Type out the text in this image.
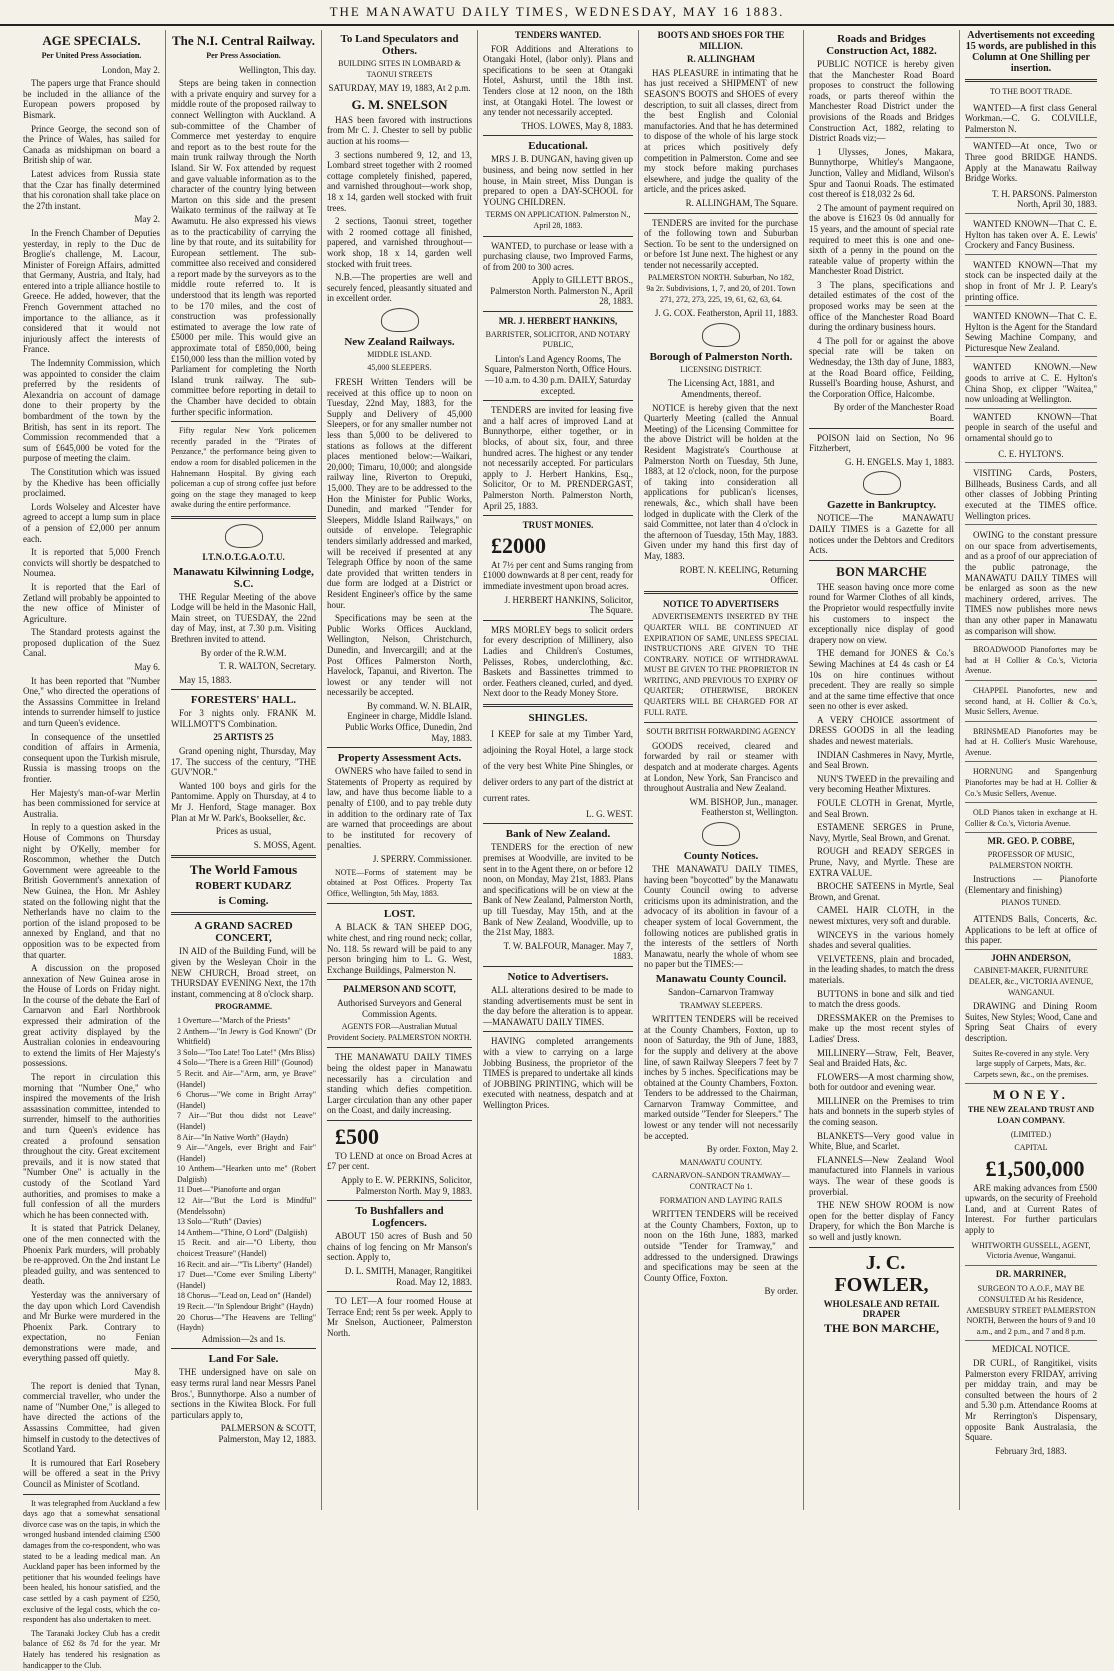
THE MANAWATU DAILY TIMES, WEDNESDAY, MAY 16 1883.
AGE SPECIALS.

Per United Press Association.

London, May 2.

The papers urge that France should be included in the alliance of the European powers proposed by Bismark.

Prince George, the second son of the Prince of Wales, has sailed for Canada as midshipman on board a British ship of war.

Latest advices from Russia state that the Czar has finally determined that his coronation shall take place on the 27th instant.

May 2.

In the French Chamber of Deputies yesterday, in reply to the Duc de Broglie's challenge, M. Lacour, Minister of Foreign Affairs, admitted that Germany, Austria, and Italy, had entered into a triple alliance hostile to Greece. He added, however, that the French Government attached no importance to the alliance, as it considered that it would not injuriously affect the interests of France.

The Indemnity Commission, which was appointed to consider the claim preferred by the residents of Alexandria on account of damage done to their property by the bombardment of the town by the British, has sent in its report. The Commission recommended that a sum of £645,000 be voted for the purpose of meeting the claim.

The Constitution which was issued by the Khedive has been officially proclaimed.

Lords Wolseley and Alcester have agreed to accept a lump sum in place of a pension of £2,000 per annum each.

It is reported that 5,000 French convicts will shortly be despatched to Noumea.

It is reported that the Earl of Zetland will probably be appointed to the new office of Minister of Agriculture.

The Standard protests against the proposed duplication of the Suez Canal.

May 6.

It has been reported that "Number One," who directed the operations of the Assassins Committee in Ireland intends to surrender himself to justice and turn Queen's evidence.

In consequence of the unsettled condition of affairs in Armenia, consequent upon the Turkish misrule, Russia is massing troops on the frontier.

Her Majesty's man-of-war Merlin has been commissioned for service at Australia.

In reply to a question asked in the House of Commons on Thursday night by O'Kelly, member for Roscommon, whether the Dutch Government were agreeable to the British Government's annexation of New Guinea, the Hon. Mr Ashley stated on the following night that the Netherlands have no claim to the portion of the island proposed to be annexed by England, and that no opposition was to be expected from that quarter.

A discussion on the proposed annexation of New Guinea arose in the House of Lords on Friday night. In the course of the debate the Earl of Carnarvon and Earl Northbrook expressed their admiration of the great activity displayed by the Australian colonies in endeavouring to extend the limits of Her Majesty's possessions.

The report in circulation this morning that "Number One," who inspired the movements of the Irish assassination committee, intended to surrender, himself to the authorities and turn Queen's evidence has created a profound sensation throughout the city. Great excitement prevails, and it is now stated that "Number One" is actually in the custody of the Scotland Yard authorities, and promises to make a full confession of all the murders which he has been connected with.

It is stated that Patrick Delaney, one of the men connected with the Phoenix Park murders, will probably be re-approved. On the 2nd instant Le pleaded guilty, and was sentenced to death.

Yesterday was the anniversary of the day upon which Lord Cavendish and Mr Burke were murdered in the Phoenix Park. Contrary to expectation, no Fenian demonstrations were made, and everything passed off quietly.

May 8.

The report is denied that Tynan, commercial traveller, who under the name of "Number One," is alleged to have directed the actions of the Assassins Committee, had given himself in custody to the detectives of Scotland Yard.

It is rumoured that Earl Rosebery will be offered a seat in the Privy Council as Minister of Scotland.

It was telegraphed from Auckland a few days ago that a somewhat sensational divorce case was on the tapis, in which the wronged husband intended claiming £500 damages from the co-respondent, who was stated to be a leading medical man. An Auckland paper has been informed by the petitioner that his wounded feelings have been healed, his honour satisfied, and the case settled by a cash payment of £250, exclusive of the legal costs, which the co-respondent has also undertaken to meet.

The Taranaki Jockey Club has a credit balance of £62 8s 7d for the year. Mr Hately has tendered his resignation as handicapper to the Club.

The N.I. Central Railway.

Per Press Association.

Wellington, This day.

Steps are being taken in connection with a private enquiry and survey for a middle route of the proposed railway to connect Wellington with Auckland. A sub-committee of the Chamber of Commerce met yesterday to enquire and report as to the best route for the main trunk railway through the North Island. Sir W. Fox attended by request and gave valuable information as to the character of the country lying between Marton on this side and the present Waikato terminus of the railway at Te Awamutu. He also expressed his views as to the practicability of carrying the line by that route, and its suitability for European settlement. The sub-committee also received and considered a report made by the surveyors as to the middle route referred to. It is understood that its length was reported to be 170 miles, and the cost of construction was professionally estimated to average the low rate of £5000 per mile. This would give an approximate total of £850,000, being £150,000 less than the million voted by Parliament for completing the North Island trunk railway. The sub-committee before reporting in detail to the Chamber have decided to obtain further specific information.

Fifty regular New York policemen recently paraded in the "Pirates of Penzance," the performance being given to endow a room for disabled policemen in the Hahnemann Hospital. By giving each policeman a cup of strong coffee just before going on the stage they managed to keep awake during the entire performance.

I.T.N.O.T.G.A.O.T.U.

Manawatu Kilwinning Lodge, S.C.

THE Regular Meeting of the above Lodge will be held in the Masonic Hall, Main street, on TUESDAY, the 22nd day of May, inst, at 7.30 p.m. Visiting Brethren invited to attend.

By order of the R.W.M.

T. R. WALTON, Secretary.

May 15, 1883.

FORESTERS' HALL.

For 3 nights only. FRANK M. WILLMOTT'S Combination.

25 ARTISTS 25

Grand opening night, Thursday, May 17. The success of the century, "THE GUV'NOR."

Wanted 100 boys and girls for the Pantomime. Apply on Thursday, at 4 to Mr J. Henford, Stage manager. Box Plan at Mr W. Park's, Bookseller, &c.

Prices as usual,

S. MOSS, Agent.

The World Famous
ROBERT KUDARZ
is Coming.
A GRAND SACRED CONCERT,

IN AID of the Building Fund, will be given by the Wesleyan Choir in the NEW CHURCH, Broad street, on THURSDAY EVENING Next, the 17th instant, commencing at 8 o'clock sharp.

PROGRAMME.

1 Overture—"March of the Priests"
2 Anthem—"In Jewry is God Known" (Dr Whitfield)
3 Solo—"Too Late! Too Late!" (Mrs Bliss)
4 Solo—"There is a Green Hill" (Gounod)
5 Recit. and Air—"Arm, arm, ye Brave" (Handel)
6 Chorus—"We come in Bright Array" (Handel)
7 Air—"But thou didst not Leave" (Handel)
8 Air—"In Native Worth" (Haydn)
9 Air—"Angels, ever Bright and Fair" (Handel)
10 Anthem—"Hearken unto me" (Robert Dalgiish)
11 Duet—"Pianoforte and organ
12 Air—"But the Lord is Mindful" (Mendelssohn)
13 Solo—"Ruth" (Davies)
14 Anthem—"Thine, O Lord" (Dalgiish)
15 Recit. and air—"O Liberty, thou choicest Treasure" (Handel)
16 Recit. and air—"'Tis Liberty" (Handel)
17 Duet—"Come ever Smiling Liberty" (Handel)
18 Chorus—"Lead on, Lead on" (Handel)
19 Recit.—"In Splendour Bright" (Haydn)
20 Chorus—"The Heavens are Telling" (Haydn)

Admission—2s and 1s.

Land For Sale.

THE undersigned have on sale on easy terms rural land near Messrs Panel Bros.', Bunnythorpe. Also a number of sections in the Kiwitea Block. For full particulars apply to,

PALMERSON & SCOTT, Palmerston, May 12, 1883.

To Land Speculators and Others.

BUILDING SITES IN LOMBARD & TAONUI STREETS

SATURDAY, MAY 19, 1883, At 2 p.m.

G. M. SNELSON

HAS been favored with instructions from Mr C. J. Chester to sell by public auction at his rooms—

3 sections numbered 9, 12, and 13, Lombard street together with 2 roomed cottage completely finished, papered, and varnished throughout—work shop, 18 x 14, garden well stocked with fruit trees.

2 sections, Taonui street, together with 2 roomed cottage all finished, papered, and varnished throughout—work shop, 18 x 14, garden well stocked with fruit trees.

N.B.—The properties are well and securely fenced, pleasantly situated and in excellent order.

New Zealand Railways.

MIDDLE ISLAND.

45,000 SLEEPERS.

FRESH Written Tenders will be received at this office up to noon on Tuesday, 22nd May, 1883, for the Supply and Delivery of 45,000 Sleepers, or for any smaller number not less than 5,000 to be delivered to stations as follows at the different places mentioned below:—Waikari, 20,000; Timaru, 10,000; and alongside railway line, Riverton to Orepuki, 15,000. They are to be addressed to the Hon the Minister for Public Works, Dunedin, and marked "Tender for Sleepers, Middle Island Railways," on outside of envelope. Telegraphic tenders similarly addressed and marked, will be received if presented at any Telegraph Office by noon of the same date provided that written tenders in due form are lodged at a District or Resident Engineer's office by the same hour.

Specifications may be seen at the Public Works Offices Auckland, Wellington, Nelson, Christchurch, Dunedin, and Invercargill; and at the Post Offices Palmerston North, Havelock, Tapanui, and Riverton. The lowest or any tender will not necessarily be accepted.

By command. W. N. BLAIR, Engineer in charge, Middle Island. Public Works Office, Dunedin, 2nd May, 1883.

Property Assessment Acts.

OWNERS who have failed to send in Statements of Property as required by law, and have thus become liable to a penalty of £100, and to pay treble duty in addition to the ordinary rate of Tax are warned that proceedings are about to be instituted for recovery of penalties.

J. SPERRY. Commissioner.

NOTE—Forms of statement may be obtained at Post Offices. Property Tax Office, Wellington, 5th May, 1883.

LOST.

A BLACK & TAN SHEEP DOG, white chest, and ring round neck; collar, No. 118. 5s reward will be paid to any person bringing him to L. G. West, Exchange Buildings, Palmerston N.

PALMERSON AND SCOTT,

Authorised Surveyors and General Commission Agents.

AGENTS FOR—Australian Mutual Provident Society. PALMERSTON NORTH.

THE MANAWATU DAILY TIMES being the oldest paper in Manawatu necessarily has a circulation and standing which defies competition. Larger circulation than any other paper on the Coast, and daily increasing.

£500

TO LEND at once on Broad Acres at £7 per cent.

Apply to E. W. PERKINS, Solicitor, Palmerston North. May 9, 1883.

To Bushfallers and Logfencers.

ABOUT 150 acres of Bush and 50 chains of log fencing on Mr Manson's section. Apply to,

D. L. SMITH, Manager, Rangitikei Road. May 12, 1883.

TO LET—A four roomed House at Terrace End; rent 5s per week. Apply to Mr Snelson, Auctioneer, Palmerston North.

TENDERS WANTED.

FOR Additions and Alterations to Otangaki Hotel, (labor only). Plans and specifications to be seen at Otangaki Hotel, Ashurst, until the 18th inst. Tenders close at 12 noon, on the 18th inst, at Otangaki Hotel. The lowest or any tender not necessarily accepted.

THOS. LOWES, May 8, 1883.

Educational.

MRS J. B. DUNGAN, having given up business, and being now settled in her house, in Main street, Miss Dungan is prepared to open a DAY-SCHOOL for YOUNG CHILDREN.

TERMS ON APPLICATION. Palmerston N., April 28, 1883.

WANTED, to purchase or lease with a purchasing clause, two Improved Farms, of from 200 to 300 acres.

Apply to GILLETT BROS., Palmerston North. Palmerston N., April 28, 1883.

MR. J. HERBERT HANKINS,

BARRISTER, SOLICITOR, AND NOTARY PUBLIC,

Linton's Land Agency Rooms, The Square, Palmerston North, Office Hours.—10 a.m. to 4.30 p.m. DAILY, Saturday excepted.

TENDERS are invited for leasing five and a half acres of improved Land at Bunnythorpe, either together, or in blocks, of about six, four, and three hundred acres. The highest or any tender not necessarily accepted. For particulars apply to J. Herbert Hankins, Esq., Solicitor, Or to M. PRENDERGAST, Palmerston North. Palmerston North, April 25, 1883.

TRUST MONIES.

£2000

At 7½ per cent and Sums ranging from £1000 downwards at 8 per cent, ready for immediate investment upon broad acres.

J. HERBERT HANKINS, Solicitor, The Square.

MRS MORLEY begs to solicit orders for every description of Millinery, also Ladies and Children's Costumes, Pelisses, Robes, underclothing, &c. Baskets and Bassinettes trimmed to order. Feathers cleaned, curled, and dyed. Next door to the Ready Money Store.

SHINGLES.

I KEEP for sale at my Timber Yard, adjoining the Royal Hotel, a large stock of the very best White Pine Shingles, or deliver orders to any part of the district at current rates.

L. G. WEST.

Bank of New Zealand.

TENDERS for the erection of new premises at Woodville, are invited to be sent in to the Agent there, on or before 12 noon, on Monday, May 21st, 1883. Plans and specifications will be on view at the Bank of New Zealand, Palmerston North, up till Tuesday, May 15th, and at the Bank of New Zealand, Woodville, up to the 21st May, 1883.

T. W. BALFOUR, Manager. May 7, 1883.

Notice to Advertisers.

ALL alterations desired to be made to standing advertisements must be sent in the day before the alteration is to appear.—MANAWATU DAILY TIMES.

HAVING completed arrangements with a view to carrying on a large Jobbing Business, the proprietor of the TIMES is prepared to undertake all kinds of JOBBING PRINTING, which will be executed with neatness, despatch and at Wellington Prices.

BOOTS AND SHOES FOR THE MILLION.

R. ALLINGHAM

HAS PLEASURE in intimating that he has just received a SHIPMENT of new SEASON'S BOOTS and SHOES of every description, to suit all classes, direct from the best English and Colonial manufactories. And that he has determined to dispose of the whole of his large stock at prices which positively defy competition in Palmerston. Come and see my stock before making purchases elsewhere, and judge the quality of the article, and the prices asked.

R. ALLINGHAM, The Square.

TENDERS are invited for the purchase of the following town and Suburban Section. To be sent to the undersigned on or before 1st June next. The highest or any tender not necessarily accepted.

PALMERSTON NORTH. Suburban, No 182, 9a 2r. Subdivisions, 1, 7, and 20, of 201. Town 271, 272, 273, 225, 19, 61, 62, 63, 64.

J. G. COX. Featherston, April 11, 1883.

Borough of Palmerston North.

LICENSING DISTRICT.

The Licensing Act, 1881, and Amendments, thereof.

NOTICE is hereby given that the next Quarterly Meeting (called the Annual Meeting) of the Licensing Committee for the above District will be holden at the Resident Magistrate's Courthouse at Palmerston North on Tuesday, 5th June, 1883, at 12 o'clock, noon, for the purpose of taking into consideration all applications for publican's licenses, renewals, &c., which shall have been lodged in duplicate with the Clerk of the said Committee, not later than 4 o'clock in the afternoon of Tuesday, 15th May, 1883. Given under my hand this first day of May, 1883.

ROBT. N. KEELING, Returning Officer.

NOTICE TO ADVERTISERS

ADVERTISEMENTS INSERTED BY THE QUARTER WILL BE CONTINUED AT EXPIRATION OF SAME, UNLESS SPECIAL INSTRUCTIONS ARE GIVEN TO THE CONTRARY. NOTICE OF WITHDRAWAL MUST BE GIVEN TO THE PROPRIETOR IN WRITING, AND PREVIOUS TO EXPIRY OF QUARTER; OTHERWISE, BROKEN QUARTERS WILL BE CHARGED FOR AT FULL RATE.

SOUTH BRITISH FORWARDING AGENCY

GOODS received, cleared and forwarded by rail or steamer with despatch and at moderate charges. Agents at London, New York, San Francisco and throughout Australia and New Zealand.

WM. BISHOP, Jun., manager. Featherston st, Wellington.

County Notices.

THE MANAWATU DAILY TIMES, having been "boycotted" by the Manawatu County Council owing to adverse criticisms upon its administration, and the advocacy of its abolition in favour of a cheaper system of local Government, the following notices are published gratis in the interests of the settlers of North Manawatu, nearly the whole of whom see no paper but the TIMES:—

Manawatu County Council.

Sandon–Carnarvon Tramway

TRAMWAY SLEEPERS.

WRITTEN TENDERS will be received at the County Chambers, Foxton, up to noon of Saturday, the 9th of June, 1883, for the supply and delivery at the above line, of sawn Railway Sleepers 7 feet by 7 inches by 5 inches. Specifications may be obtained at the County Chambers, Foxton. Tenders to be addressed to the Chairman, Carnarvon Tramway Committee, and marked outside "Tender for Sleepers." The lowest or any tender will not necessarily be accepted.

By order. Foxton, May 2.

MANAWATU COUNTY.

CARNARVON–SANDON TRAMWAY—CONTRACT No 1.

FORMATION AND LAYING RAILS

WRITTEN TENDERS will be received at the County Chambers, Foxton, up to noon on the 16th June, 1883, marked outside "Tender for Tramway," and addressed to the undersigned. Drawings and specifications may be seen at the County Office, Foxton.

By order.

Roads and Bridges Construction Act, 1882.

PUBLIC NOTICE is hereby given that the Manchester Road Board proposes to construct the following roads, or parts thereof within the Manchester Road District under the provisions of the Roads and Bridges Construction Act, 1882, relating to District Roads viz;—

1 Ulysses, Jones, Makara, Bunnythorpe, Whitley's Mangaone, Junction, Valley and Midland, Wilson's Spur and Taonui Roads. The estimated cost thereof is £18,032 2s 6d.

2 The amount of payment required on the above is £1623 0s 0d annually for 15 years, and the amount of special rate required to meet this is one and one-sixth of a penny in the pound on the rateable value of property within the Manchester Road District.

3 The plans, specifications and detailed estimates of the cost of the proposed works may be seen at the office of the Manchester Road Board during the ordinary business hours.

4 The poll for or against the above special rate will be taken on Wednesday, the 13th day of June, 1883, at the Road Board office, Feilding, Russell's Boarding house, Ashurst, and the Corporation Office, Halcombe.

By order of the Manchester Road Board.

POISON laid on Section, No 96 Fitzherbert,

G. H. ENGELS. May 1, 1883.

Gazette in Bankruptcy.

NOTICE—The MANAWATU DAILY TIMES is a Gazette for all notices under the Debtors and Creditors Acts.

BON MARCHE

THE season having once more come round for Warmer Clothes of all kinds, the Proprietor would respectfully invite his customers to inspect the exceptionally nice display of good drapery now on view.

THE demand for JONES & Co.'s Sewing Machines at £4 4s cash or £4 10s on hire continues without precedent. They are really so simple and at the same time effective that once seen no other is ever asked.

A VERY CHOICE assortment of DRESS GOODS in all the leading shades and newest materials.

INDIAN Cashmeres in Navy, Myrtle, and Seal Brown.

NUN'S TWEED in the prevailing and very becoming Heather Mixtures.

FOULE CLOTH in Grenat, Myrtle, and Seal Brown.

ESTAMENE SERGES in Prune, Navy, Myrtle, Seal Brown, and Grenat.

ROUGH and READY SERGES in Prune, Navy, and Myrtle. These are EXTRA VALUE.

BROCHE SATEENS in Myrtle, Seal Brown, and Grenat.

CAMEL HAIR CLOTH, in the newest mixtures, very soft and durable.

WINCEYS in the various homely shades and several qualities.

VELVETEENS, plain and brocaded, in the leading shades, to match the dress materials.

BUTTONS in bone and silk and tied to match the dress goods.

DRESSMAKER on the Premises to make up the most recent styles of Ladies' Dress.

MILLINERY—Straw, Felt, Beaver, Seal and Braided Hats, &c.

FLOWERS—A most charming show, both for outdoor and evening wear.

MILLINER on the Premises to trim hats and bonnets in the superb styles of the coming season.

BLANKETS—Very good value in White, Blue, and Scarlet.

FLANNELS—New Zealand Wool manufactured into Flannels in various ways. The wear of these goods is proverbial.

THE NEW SHOW ROOM is now open for the better display of Fancy Drapery, for which the Bon Marche is so well and justly known.

J. C. FOWLER,

WHOLESALE AND RETAIL DRAPER

THE BON MARCHE,

Advertisements not exceeding 15 words, are published in this Column at One Shilling per insertion.

TO THE BOOT TRADE.

WANTED—A first class General Workman.—C. G. COLVILLE, Palmerston N.

WANTED—At once, Two or Three good BRIDGE HANDS. Apply at the Manawatu Railway Bridge Works.

T. H. PARSONS. Palmerston North, April 30, 1883.

WANTED KNOWN—That C. E. Hylton has taken over A. E. Lewis' Crockery and Fancy Business.

WANTED KNOWN—That my stock can be inspected daily at the shop in front of Mr J. P. Leary's printing office.

WANTED KNOWN—That C. E. Hylton is the Agent for the Standard Sewing Machine Company, and Picturesque New Zealand.

WANTED KNOWN.—New goods to arrive at C. E. Hylton's China Shop, ex clipper "Waitea," now unloading at Wellington.

WANTED KNOWN—That people in search of the useful and ornamental should go to

C. E. HYLTON'S.

VISITING Cards, Posters, Billheads, Business Cards, and all other classes of Jobbing Printing executed at the TIMES office. Wellington prices.

OWING to the constant pressure on our space from advertisements, and as a proof of our appreciation of the public patronage, the MANAWATU DAILY TIMES will be enlarged as soon as the new machinery ordered, arrives. The TIMES now publishes more news than any other paper in Manawatu as comparison will show.

BROADWOOD Pianofortes may be had at H Collier & Co.'s, Victoria Avenue.

CHAPPEL Pianofortes, new and second hand, at H. Collier & Co.'s, Music Sellers, Avenue.

BRINSMEAD Pianofortes may be had at H. Collier's Music Warehouse, Avenue.

HORNUNG and Spangenburg Pianofortes may be had at H. Collier & Co.'s Music Sellers, Avenue.

OLD Pianos taken in exchange at H. Collier & Co.'s, Victoria Avenue.

MR. GEO. P. COBBE,

PROFESSOR OF MUSIC, PALMERSTON NORTH.

Instructions — Pianoforte (Elementary and finishing)

PIANOS TUNED.

ATTENDS Balls, Concerts, &c. Applications to be left at office of this paper.

JOHN ANDERSON,

CABINET-MAKER, FURNITURE DEALER, &c., VICTORIA AVENUE, WANGANUI.

DRAWING and Dining Room Suites, New Styles; Wood, Cane and Spring Seat Chairs of every description.

Suites Re-covered in any style. Very large supply of Carpets, Mats, &c. Carpets sewn, &c., on the premises.

MONEY.

THE NEW ZEALAND TRUST AND LOAN COMPANY.

(LIMITED.)

CAPITAL

£1,500,000

ARE making advances from £500 upwards, on the security of Freehold Land, and at Current Rates of Interest. For further particulars apply to

WHITWORTH GUSSELL, AGENT, Victoria Avenue, Wanganui.

DR. MARRINER,

SURGEON TO A.O.F., MAY BE CONSULTED At his Residence, AMESBURY STREET PALMERSTON NORTH, Between the hours of 9 and 10 a.m., and 2 p.m., and 7 and 8 p.m.

MEDICAL NOTICE.

DR CURL, of Rangitikei, visits Palmerston every FRIDAY, arriving per midday train, and may be consulted between the hours of 2 and 5.30 p.m. Attendance Rooms at Mr Rerrington's Dispensary, opposite Bank Australasia, the Square.

February 3rd, 1883.
